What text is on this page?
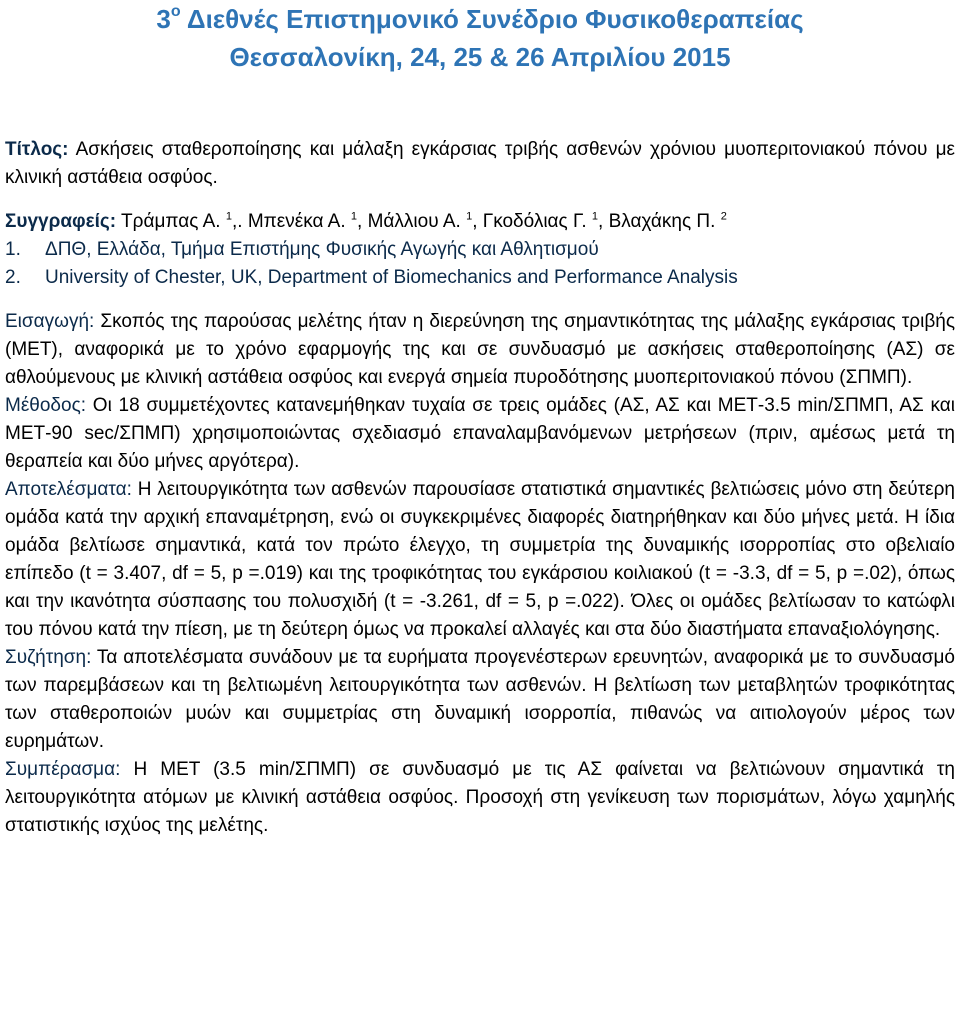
$3^o$ Διεθνές Επιστημονικό Συνέδριο Φυσικοθεραπείας
Θεσσαλονίκη, 24, 25 & 26 Απριλίου 2015
Τίτλος: Ασκήσεις σταθεροποίησης και μάλαξη εγκάρσιας τριβής ασθενών χρόνιου μυοπεριτονιακού πόνου με κλινική αστάθεια οσφύος.
Συγγραφείς: Τράμπας Α. $^1$,. Μπενέκα Α. $^1$, Μάλλιου Α. $^1$, Γκοδόλιας Γ. $^1$, Βλαχάκης Π. $^2$
1. ΔΠΘ, Ελλάδα, Τμήμα Επιστήμης Φυσικής Αγωγής και Αθλητισμού
2. University of Chester, UK, Department of Biomechanics and Performance Analysis

Εισαγωγή: Σκοπός της παρούσας μελέτης ήταν η διερεύνηση της σημαντικότητας της μάλαξης εγκάρσιας τριβής (ΜΕΤ), αναφορικά με το χρόνο εφαρμογής της και σε συνδυασμό με ασκήσεις σταθεροποίησης (ΑΣ) σε αθλούμενους με κλινική αστάθεια οσφύος και ενεργά σημεία πυροδότησης μυοπεριτονιακού πόνου (ΣΠΜΠ).

Μέθοδος: Οι 18 συμμετέχοντες κατανεμήθηκαν τυχαία σε τρεις ομάδες (ΑΣ, ΑΣ και ΜΕΤ-3.5 min/ΣΠΜΠ, ΑΣ και ΜΕΤ-90 sec/ΣΠΜΠ) χρησιμοποιώντας σχεδιασμό επαναλαμβανόμενων μετρήσεων (πριν, αμέσως μετά τη θεραπεία και δύο μήνες αργότερα).

Αποτελέσματα: Η λειτουργικότητα των ασθενών παρουσίασε στατιστικά σημαντικές βελτιώσεις μόνο στη δεύτερη ομάδα κατά την αρχική επαναμέτρηση, ενώ οι συγκεκριμένες διαφορές διατηρήθηκαν και δύο μήνες μετά. Η ίδια ομάδα βελτίωσε σημαντικά, κατά τον πρώτο έλεγχο, τη συμμετρία της δυναμικής ισορροπίας στο οβελιαίο επίπεδο (t = 3.407, df = 5, p =.019) και της τροφικότητας του εγκάρσιου κοιλιακού (t = -3.3, df = 5, p =.02), όπως και την ικανότητα σύσπασης του πολυσχιδή (t = -3.261, df = 5, p =.022). Όλες οι ομάδες βελτίωσαν το κατώφλι του πόνου κατά την πίεση, με τη δεύτερη όμως να προκαλεί αλλαγές και στα δύο διαστήματα επαναξιολόγησης.

Συζήτηση: Τα αποτελέσματα συνάδουν με τα ευρήματα προγενέστερων ερευνητών, αναφορικά με το συνδυασμό των παρεμβάσεων και τη βελτιωμένη λειτουργικότητα των ασθενών. Η βελτίωση των μεταβλητών τροφικότητας των σταθεροποιών μυών και συμμετρίας στη δυναμική ισορροπία, πιθανώς να αιτιολογούν μέρος των ευρημάτων.

Συμπέρασμα: Η ΜΕΤ (3.5 min/ΣΠΜΠ) σε συνδυασμό με τις ΑΣ φαίνεται να βελτιώνουν σημαντικά τη λειτουργικότητα ατόμων με κλινική αστάθεια οσφύος. Προσοχή στη γενίκευση των πορισμάτων, λόγω χαμηλής στατιστικής ισχύος της μελέτης.
